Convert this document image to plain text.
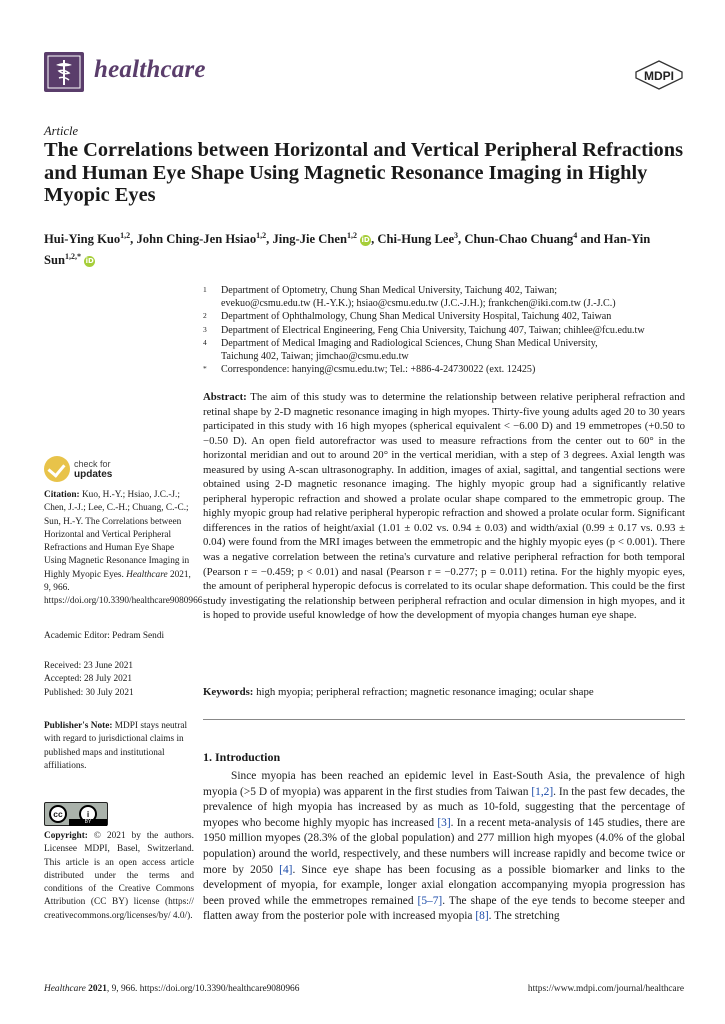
healthcare	MDPI
Article
The Correlations between Horizontal and Vertical Peripheral Refractions and Human Eye Shape Using Magnetic Resonance Imaging in Highly Myopic Eyes
Hui-Ying Kuo$^{1,2}$, John Ching-Jen Hsiao$^{1,2}$, Jing-Jie Chen$^{1,2}$ iD, Chi-Hung Lee$^3$, Chun-Chao Chuang$^4$ and Han-Yin Sun$^{1,2,*}$ iD
1 Department of Optometry, Chung Shan Medical University, Taichung 402, Taiwan;
evekuo@csmu.edu.tw (H.-Y.K.); hsiao@csmu.edu.tw (J.C.-J.H.); frankchen@iki.com.tw (J.-J.C.)
2 Department of Ophthalmology, Chung Shan Medical University Hospital, Taichung 402, Taiwan
3 Department of Electrical Engineering, Feng Chia University, Taichung 407, Taiwan; chihlee@fcu.edu.tw
4 Department of Medical Imaging and Radiological Sciences, Chung Shan Medical University,
Taichung 402, Taiwan; jimchao@csmu.edu.tw
* Correspondence: hanying@csmu.edu.tw; Tel.: +886-4-24730022 (ext. 12425)
Abstract: The aim of this study was to determine the relationship between relative peripheral refraction and retinal shape by 2-D magnetic resonance imaging in high myopes. Thirty-five young adults aged 20 to 30 years participated in this study with 16 high myopes (spherical equivalent < −6.00 D) and 19 emmetropes (+0.50 to −0.50 D). An open field autorefractor was used to measure refractions from the center out to 60° in the horizontal meridian and out to around 20° in the vertical meridian, with a step of 3 degrees. Axial length was measured by using A-scan ultrasonography. In addition, images of axial, sagittal, and tangential sections were obtained using 2-D magnetic resonance imaging. The highly myopic group had a significantly relative peripheral hyperopic refraction and showed a prolate ocular shape compared to the emmetropic group. The highly myopic group had relative peripheral hyperopic refraction and showed a prolate ocular form. Significant differences in the ratios of height/axial (1.01 ± 0.02 vs. 0.94 ± 0.03) and width/axial (0.99 ± 0.17 vs. 0.93 ± 0.04) were found from the MRI images between the emmetropic and the highly myopic eyes (p < 0.001). There was a negative correlation between the retina's curvature and relative peripheral refraction for both temporal (Pearson r = −0.459; p < 0.01) and nasal (Pearson r = −0.277; p = 0.011) retina. For the highly myopic eyes, the amount of peripheral hyperopic defocus is correlated to its ocular shape deformation. This could be the first study investigating the relationship between peripheral refraction and ocular dimension in high myopes, and it is hoped to provide useful knowledge of how the development of myopia changes human eye shape.
Keywords: high myopia; peripheral refraction; magnetic resonance imaging; ocular shape
check for
updates
Citation: Kuo, H.-Y.; Hsiao, J.C.-J.; Chen, J.-J.; Lee, C.-H.; Chuang, C.-C.; Sun, H.-Y. The Correlations between Horizontal and Vertical Peripheral Refractions and Human Eye Shape Using Magnetic Resonance Imaging in Highly Myopic Eyes. Healthcare 2021, 9, 966. https://doi.org/10.3390/healthcare9080966
Academic Editor: Pedram Sendi
Received: 23 June 2021
Accepted: 28 July 2021
Published: 30 July 2021
Publisher's Note: MDPI stays neutral with regard to jurisdictional claims in published maps and institutional affiliations.
cc	i
BY
Copyright: © 2021 by the authors. Licensee MDPI, Basel, Switzerland. This article is an open access article distributed under the terms and conditions of the Creative Commons Attribution (CC BY) license (https:// creativecommons.org/licenses/by/ 4.0/).
1. Introduction
Since myopia has been reached an epidemic level in East-South Asia, the prevalence of high myopia (>5 D of myopia) was apparent in the first studies from Taiwan [1,2]. In the past few decades, the prevalence of high myopia has increased by as much as 10-fold, suggesting that the percentage of myopes who become highly myopic has increased [3]. In a recent meta-analysis of 145 studies, there are 1950 million myopes (28.3% of the global population) and 277 million high myopes (4.0% of the global population) around the world, respectively, and these numbers will increase rapidly and become twice or more by 2050 [4]. Since eye shape has been focusing as a possible biomarker and links to the development of myopia, for example, longer axial elongation accompanying myopia progression has been proved while the emmetropes remained [5–7]. The shape of the eye tends to become steeper and flatten away from the posterior pole with increased myopia [8]. The stretching
Healthcare 2021, 9, 966. https://doi.org/10.3390/healthcare9080966	https://www.mdpi.com/journal/healthcare
